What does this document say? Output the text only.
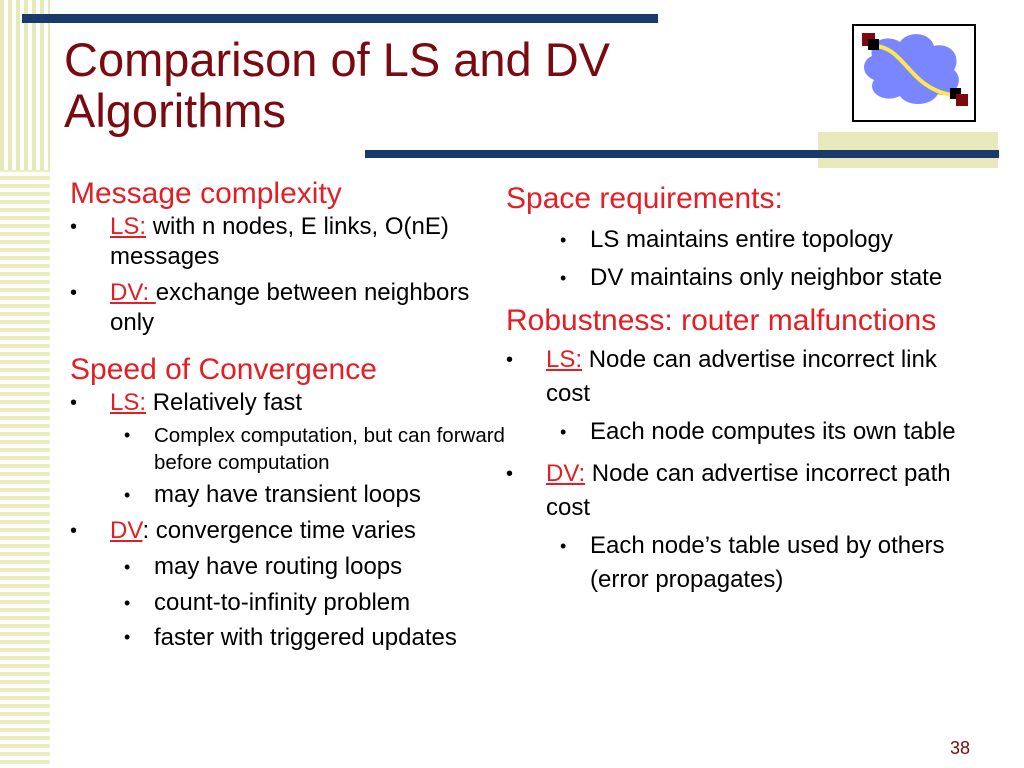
Comparison of LS and DV Algorithms

Message complexity

• LS: with n nodes, E links, O(nE) messages
• DV: exchange between neighbors only

Speed of Convergence

• LS: Relatively fast
• Complex computation, but can forward before computation
• may have transient loops
• DV: convergence time varies
• may have routing loops
• count-to-infinity problem
• faster with triggered updates

Space requirements:

• LS maintains entire topology
• DV maintains only neighbor state

Robustness: router malfunctions

• LS: Node can advertise incorrect link cost
• Each node computes its own table
• DV: Node can advertise incorrect path cost
• Each node’s table used by others (error propagates)
38
